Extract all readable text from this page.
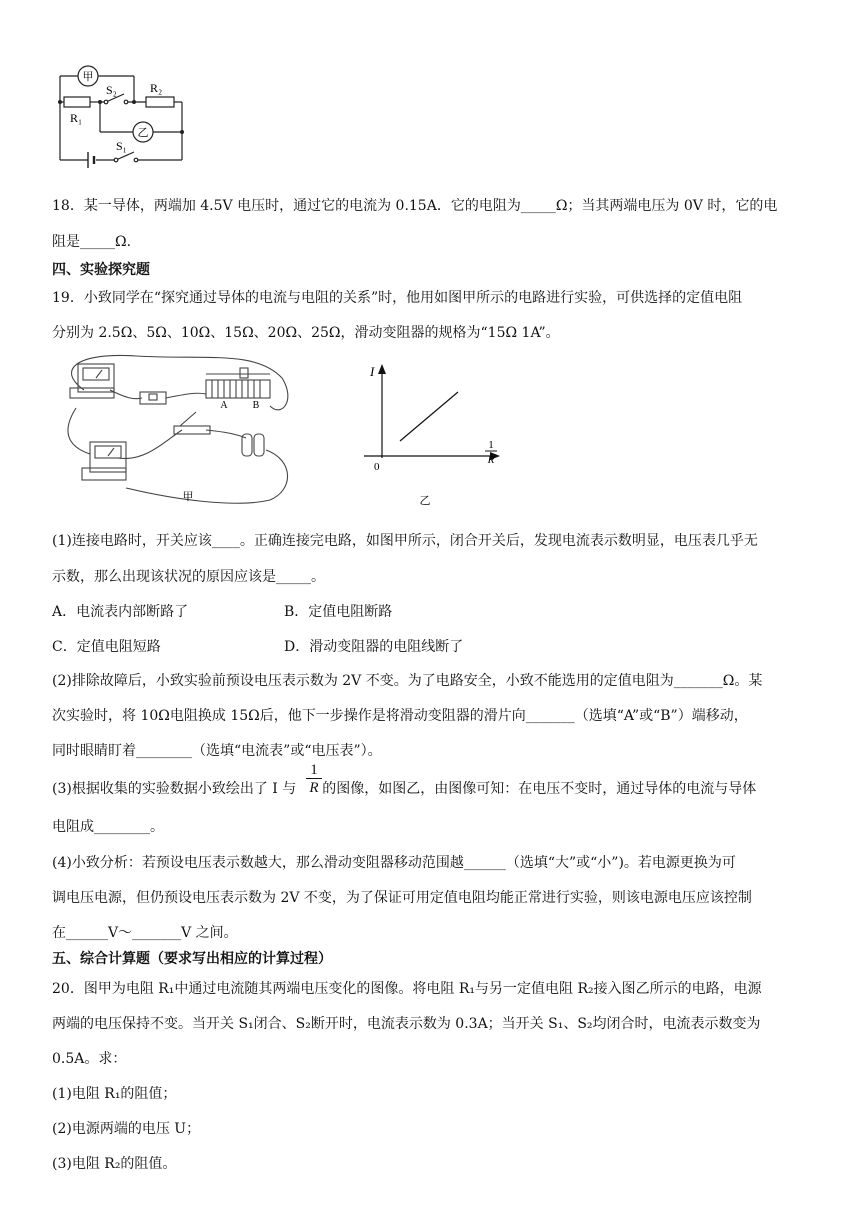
甲
乙
S₂	R₂
R₁
S₁
18．某一导体，两端加 4.5V 电压时，通过它的电流为 0.15A．它的电阻为_____Ω；当其两端电压为 0V 时，它的电
阻是_____Ω.
四、实验探究题
19．小致同学在“探究通过导体的电流与电阻的关系”时，他用如图甲所示的电路进行实验，可供选择的定值电阻
分别为 2.5Ω、5Ω、10Ω、15Ω、20Ω、25Ω，滑动变阻器的规格为“15Ω 1A”。
A	B
甲
I
0
1
R
乙
(1)连接电路时，开关应该____。正确连接完电路，如图甲所示，闭合开关后，发现电流表示数明显，电压表几乎无
示数，那么出现该状况的原因应该是_____。
A．电流表内部断路了	B．定值电阻断路
C．定值电阻短路	D．滑动变阻器的电阻线断了
(2)排除故障后，小致实验前预设电压表示数为 2V 不变。为了电路安全，小致不能选用的定值电阻为_______Ω。某
次实验时，将 10Ω电阻换成 15Ω后，他下一步操作是将滑动变阻器的滑片向_______（选填“A”或“B”）端移动，
同时眼睛盯着________（选填“电流表”或“电压表”）。
(3)根据收集的实验数据小致绘出了 I 与 的图像，如图乙，由图像可知：在电压不变时，通过导体的电流与导体
1
R
电阻成________。
(4)小致分析：若预设电压表示数越大，那么滑动变阻器移动范围越______（选填“大”或“小”)。若电源更换为可
调电压电源，但仍预设电压表示数为 2V 不变，为了保证可用定值电阻均能正常进行实验，则该电源电压应该控制
在______V～_______V 之间。
五、综合计算题（要求写出相应的计算过程）
20．图甲为电阻 R₁中通过电流随其两端电压变化的图像。将电阻 R₁与另一定值电阻 R₂接入图乙所示的电路，电源
两端的电压保持不变。当开关 S₁闭合、S₂断开时，电流表示数为 0.3A；当开关 S₁、S₂均闭合时，电流表示数变为
0.5A。求：
(1)电阻 R₁的阻值；
(2)电源两端的电压 U；
(3)电阻 R₂的阻值。
